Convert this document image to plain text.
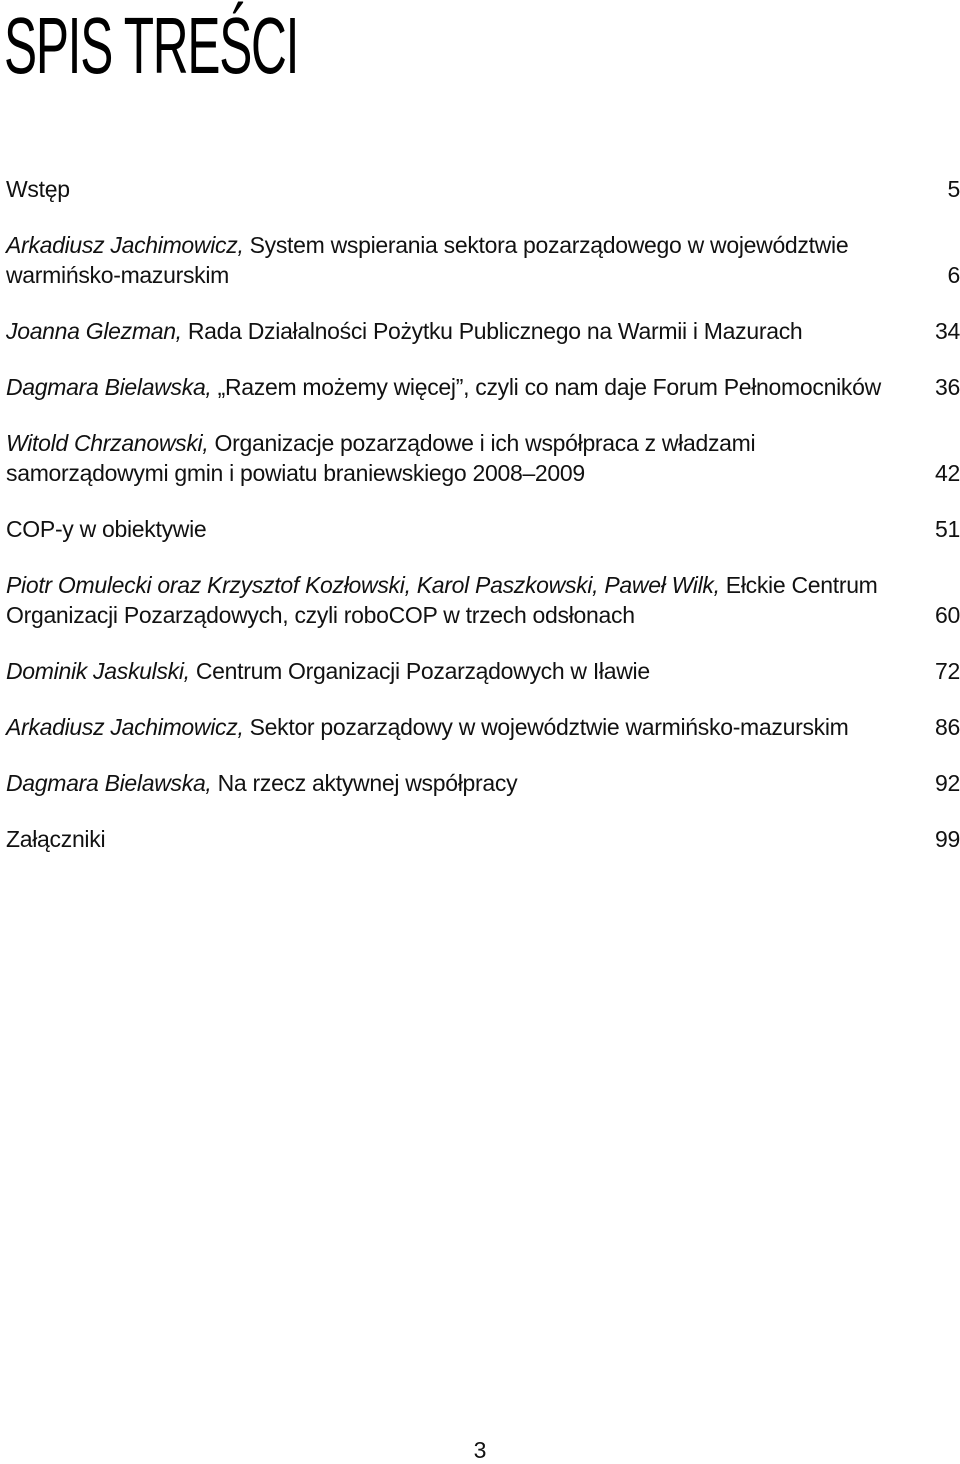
SPIS TREŚCI
Wstęp	5
Arkadiusz Jachimowicz, System wspierania sektora pozarządowego w województwie warmińsko-mazurskim	6
Joanna Glezman, Rada Działalności Pożytku Publicznego na Warmii i Mazurach	34
Dagmara Bielawska, „Razem możemy więcej”, czyli co nam daje Forum Pełnomocników	36
Witold Chrzanowski, Organizacje pozarządowe i ich współpraca z władzami samorządowymi gmin i powiatu braniewskiego 2008–2009	42
COP-y w obiektywie	51
Piotr Omulecki oraz Krzysztof Kozłowski, Karol Paszkowski, Paweł Wilk, Ełckie Centrum Organizacji Pozarządowych, czyli roboCOP w trzech odsłonach	60
Dominik Jaskulski, Centrum Organizacji Pozarządowych w Iławie	72
Arkadiusz Jachimowicz, Sektor pozarządowy w województwie warmińsko-mazurskim	86
Dagmara Bielawska, Na rzecz aktywnej współpracy	92
Załączniki	99
3
